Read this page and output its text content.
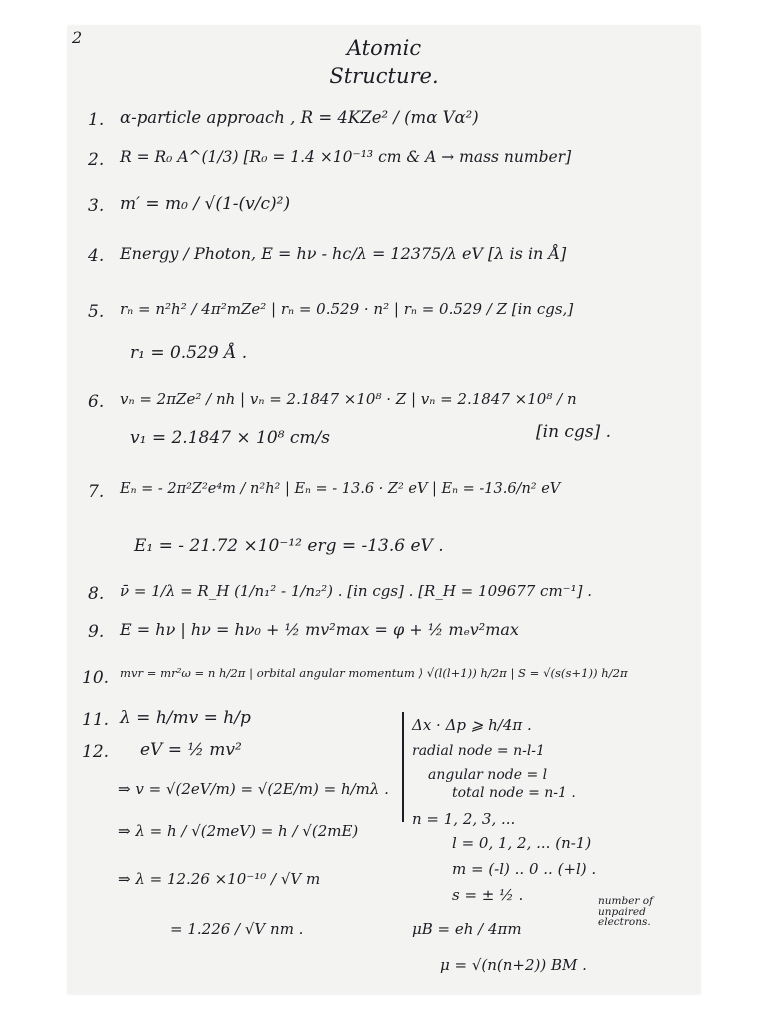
2	Atomic
Structure.
1. α-particle approach , R = 4KZe² / (mα Vα²)
2. R = R₀ A^(1/3) [R₀ = 1.4 ×10⁻¹³ cm & A → mass number]
3. m′ = m₀ / √(1-(v/c)²)
4. Energy / Photon, E = hν - hc/λ = 12375/λ eV [λ is in Å]
5. rₙ = n²h² / 4π²mZe² | rₙ = 0.529 · n² | rₙ = 0.529 / Z [in cgs,]
r₁ = 0.529 Å .
6. vₙ = 2πZe² / nh | vₙ = 2.1847 ×10⁸ · Z | vₙ = 2.1847 ×10⁸ / n
v₁ = 2.1847 × 10⁸ cm/s	[in cgs] .
7. Eₙ = - 2π²Z²e⁴m / n²h² | Eₙ = - 13.6 · Z² eV | Eₙ = -13.6/n² eV
E₁ = - 21.72 ×10⁻¹² erg = -13.6 eV .
8. ν̄ = 1/λ = R_H (1/n₁² - 1/n₂²) . [in cgs] . [R_H = 109677 cm⁻¹] .
9. E = hν | hν = hν₀ + ½ mv²max = φ + ½ mₑv²max
10. mvr = mr²ω = n h/2π | orbital angular momentum ⟩ √(l(l+1)) h/2π | S = √(s(s+1)) h/2π
11. λ = h/mv = h/p
12. eV = ½ mv²
⇒ v = √(2eV/m) = √(2E/m) = h/mλ .
⇒ λ = h / √(2meV) = h / √(2mE)
⇒ λ = 12.26 ×10⁻¹⁰ / √V m
= 1.226 / √V nm .
Δx · Δp ⩾ h/4π .
radial node = n-l-1
angular node = l
total node = n-1 .
n = 1, 2, 3, ...
l = 0, 1, 2, ... (n-1)
m = (-l) .. 0 .. (+l) .
s = ± ½ .
μB = eh / 4πm
number of unpaired electrons.
μ = √(n(n+2)) BM .
